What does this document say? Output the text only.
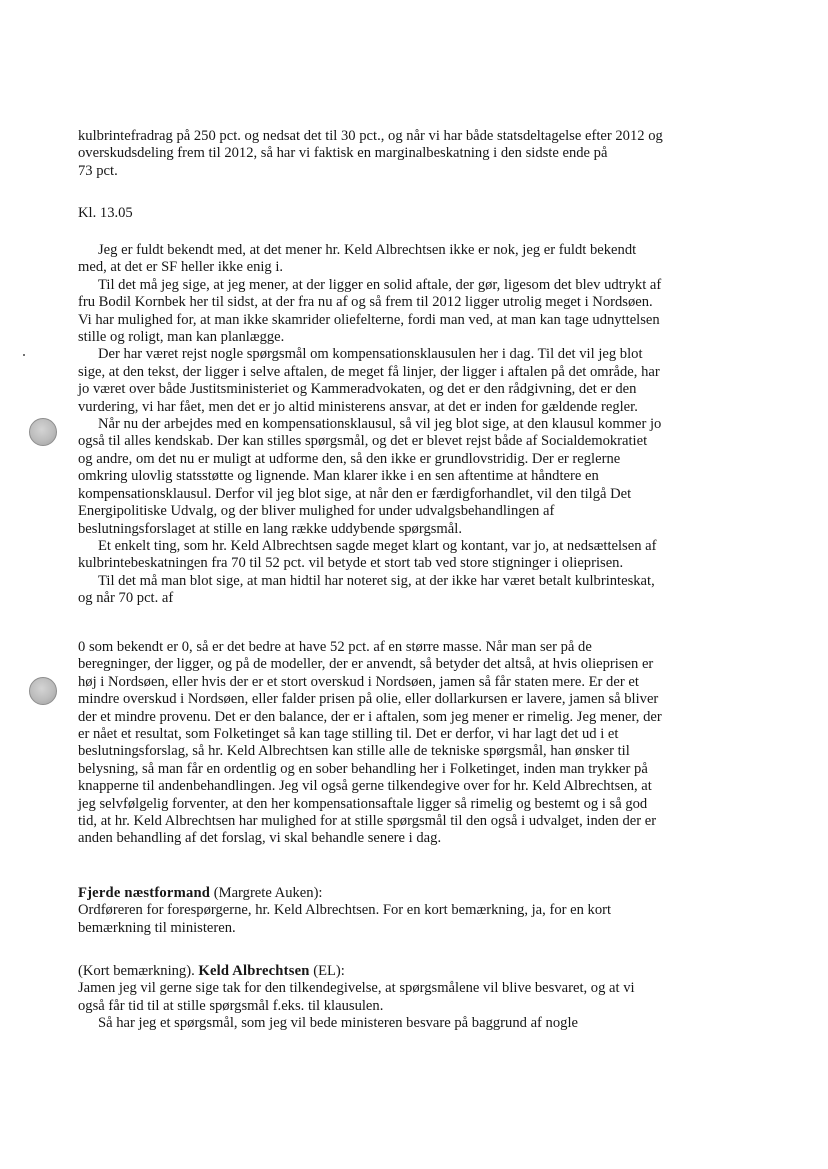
kulbrintefradrag på 250 pct. og nedsat det til 30 pct., og når vi har både statsdeltagelse efter 2012 og
overskudsdeling frem til 2012, så har vi faktisk en marginalbeskatning i den sidste ende på
73 pct.
Kl. 13.05
Jeg er fuldt bekendt med, at det mener hr. Keld Albrechtsen ikke er nok, jeg er fuldt bekendt
med, at det er SF heller ikke enig i.
Til det må jeg sige, at jeg mener, at der ligger en solid aftale, der gør, ligesom det blev udtrykt af
fru Bodil Kornbek her til sidst, at der fra nu af og så frem til 2012 ligger utrolig meget i Nordsøen.
Vi har mulighed for, at man ikke skamrider oliefelterne, fordi man ved, at man kan tage udnyttelsen
stille og roligt, man kan planlægge.
Der har været rejst nogle spørgsmål om kompensationsklausulen her i dag. Til det vil jeg blot
sige, at den tekst, der ligger i selve aftalen, de meget få linjer, der ligger i aftalen på det område, har
jo været over både Justitsministeriet og Kammeradvokaten, og det er den rådgivning, det er den
vurdering, vi har fået, men det er jo altid ministerens ansvar, at det er inden for gældende regler.
Når nu der arbejdes med en kompensationsklausul, så vil jeg blot sige, at den klausul kommer jo
også til alles kendskab. Der kan stilles spørgsmål, og det er blevet rejst både af Socialdemokratiet
og andre, om det nu er muligt at udforme den, så den ikke er grundlovstridig. Der er reglerne
omkring ulovlig statsstøtte og lignende. Man klarer ikke i en sen aftentime at håndtere en
kompensationsklausul. Derfor vil jeg blot sige, at når den er færdigforhandlet, vil den tilgå Det
Energipolitiske Udvalg, og der bliver mulighed for under udvalgsbehandlingen af
beslutningsforslaget at stille en lang række uddybende spørgsmål.
Et enkelt ting, som hr. Keld Albrechtsen sagde meget klart og kontant, var jo, at nedsættelsen af
kulbrintebeskatningen fra 70 til 52 pct. vil betyde et stort tab ved store stigninger i olieprisen.
Til det må man blot sige, at man hidtil har noteret sig, at der ikke har været betalt kulbrinteskat,
og når 70 pct. af
0 som bekendt er 0, så er det bedre at have 52 pct. af en større masse. Når man ser på de
beregninger, der ligger, og på de modeller, der er anvendt, så betyder det altså, at hvis olieprisen er
høj i Nordsøen, eller hvis der er et stort overskud i Nordsøen, jamen så får staten mere. Er der et
mindre overskud i Nordsøen, eller falder prisen på olie, eller dollarkursen er lavere, jamen så bliver
der et mindre provenu. Det er den balance, der er i aftalen, som jeg mener er rimelig. Jeg mener, der
er nået et resultat, som Folketinget så kan tage stilling til. Det er derfor, vi har lagt det ud i et
beslutningsforslag, så hr. Keld Albrechtsen kan stille alle de tekniske spørgsmål, han ønsker til
belysning, så man får en ordentlig og en sober behandling her i Folketinget, inden man trykker på
knapperne til andenbehandlingen. Jeg vil også gerne tilkendegive over for hr. Keld Albrechtsen, at
jeg selvfølgelig forventer, at den her kompensationsaftale ligger så rimelig og bestemt og i så god
tid, at hr. Keld Albrechtsen har mulighed for at stille spørgsmål til den også i udvalget, inden der er
anden behandling af det forslag, vi skal behandle senere i dag.
Fjerde næstformand (Margrete Auken):
Ordføreren for forespørgerne, hr. Keld Albrechtsen. For en kort bemærkning, ja, for en kort
bemærkning til ministeren.
(Kort bemærkning). Keld Albrechtsen (EL):
Jamen jeg vil gerne sige tak for den tilkendegivelse, at spørgsmålene vil blive besvaret, og at vi
også får tid til at stille spørgsmål f.eks. til klausulen.
Så har jeg et spørgsmål, som jeg vil bede ministeren besvare på baggrund af nogle
